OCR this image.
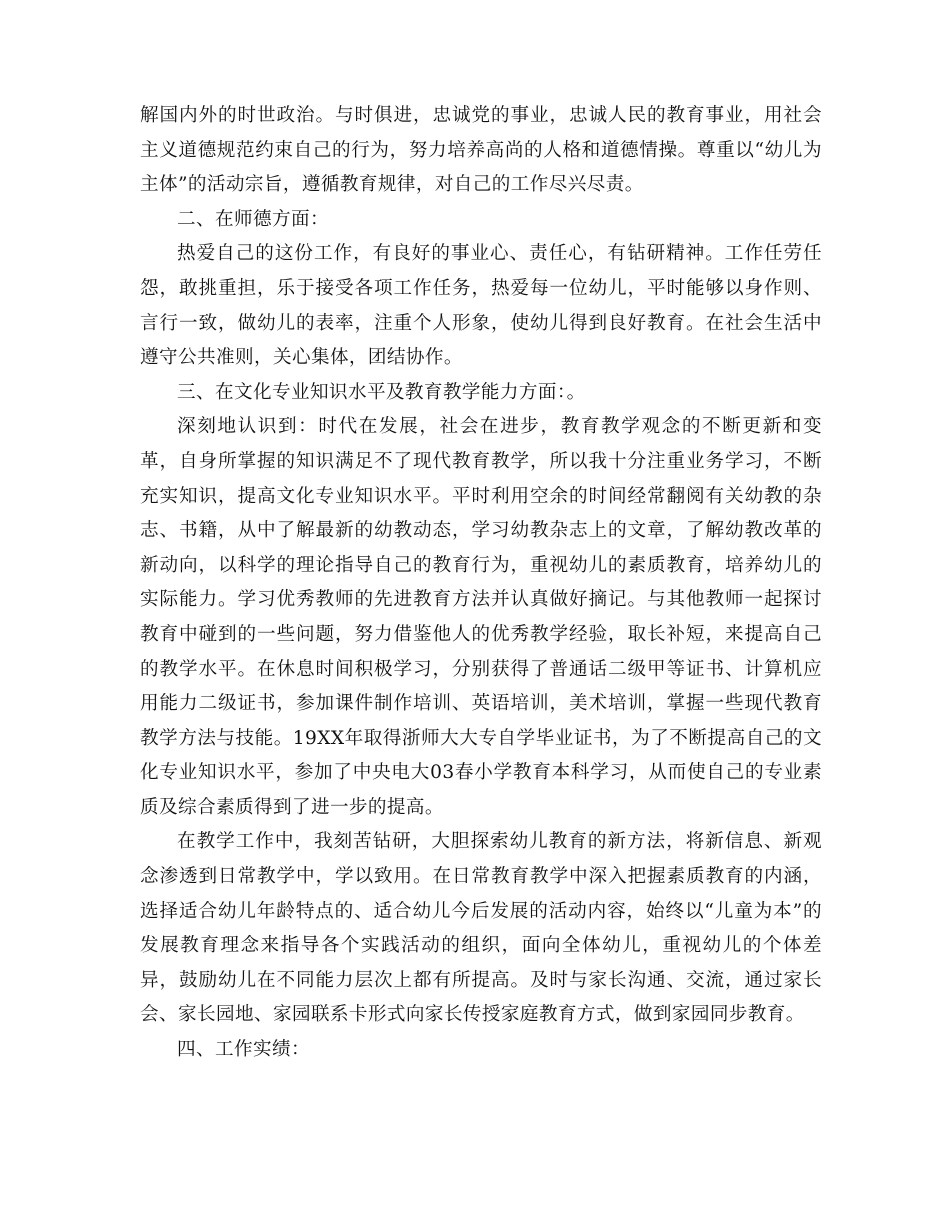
解国内外的时世政治。与时俱进，忠诚党的事业，忠诚人民的教育事业，用社会主义道德规范约束自己的行为，努力培养高尚的人格和道德情操。尊重以“幼儿为主体”的活动宗旨，遵循教育规律，对自己的工作尽兴尽责。

二、在师德方面：

热爱自己的这份工作，有良好的事业心、责任心，有钻研精神。工作任劳任怨，敢挑重担，乐于接受各项工作任务，热爱每一位幼儿，平时能够以身作则、言行一致，做幼儿的表率，注重个人形象，使幼儿得到良好教育。在社会生活中遵守公共准则，关心集体，团结协作。

三、在文化专业知识水平及教育教学能力方面：。

深刻地认识到：时代在发展，社会在进步，教育教学观念的不断更新和变革，自身所掌握的知识满足不了现代教育教学，所以我十分注重业务学习，不断充实知识，提高文化专业知识水平。平时利用空余的时间经常翻阅有关幼教的杂志、书籍，从中了解最新的幼教动态，学习幼教杂志上的文章，了解幼教改革的新动向，以科学的理论指导自己的教育行为，重视幼儿的素质教育，培养幼儿的实际能力。学习优秀教师的先进教育方法并认真做好摘记。与其他教师一起探讨教育中碰到的一些问题，努力借鉴他人的优秀教学经验，取长补短，来提高自己的教学水平。在休息时间积极学习，分别获得了普通话二级甲等证书、计算机应用能力二级证书，参加课件制作培训、英语培训，美术培训，掌握一些现代教育教学方法与技能。19XX年取得浙师大大专自学毕业证书，为了不断提高自己的文化专业知识水平，参加了中央电大03春小学教育本科学习，从而使自己的专业素质及综合素质得到了进一步的提高。

在教学工作中，我刻苦钻研，大胆探索幼儿教育的新方法，将新信息、新观念渗透到日常教学中，学以致用。在日常教育教学中深入把握素质教育的内涵，选择适合幼儿年龄特点的、适合幼儿今后发展的活动内容，始终以“儿童为本”的发展教育理念来指导各个实践活动的组织，面向全体幼儿，重视幼儿的个体差异，鼓励幼儿在不同能力层次上都有所提高。及时与家长沟通、交流，通过家长会、家长园地、家园联系卡形式向家长传授家庭教育方式，做到家园同步教育。

四、工作实绩：
